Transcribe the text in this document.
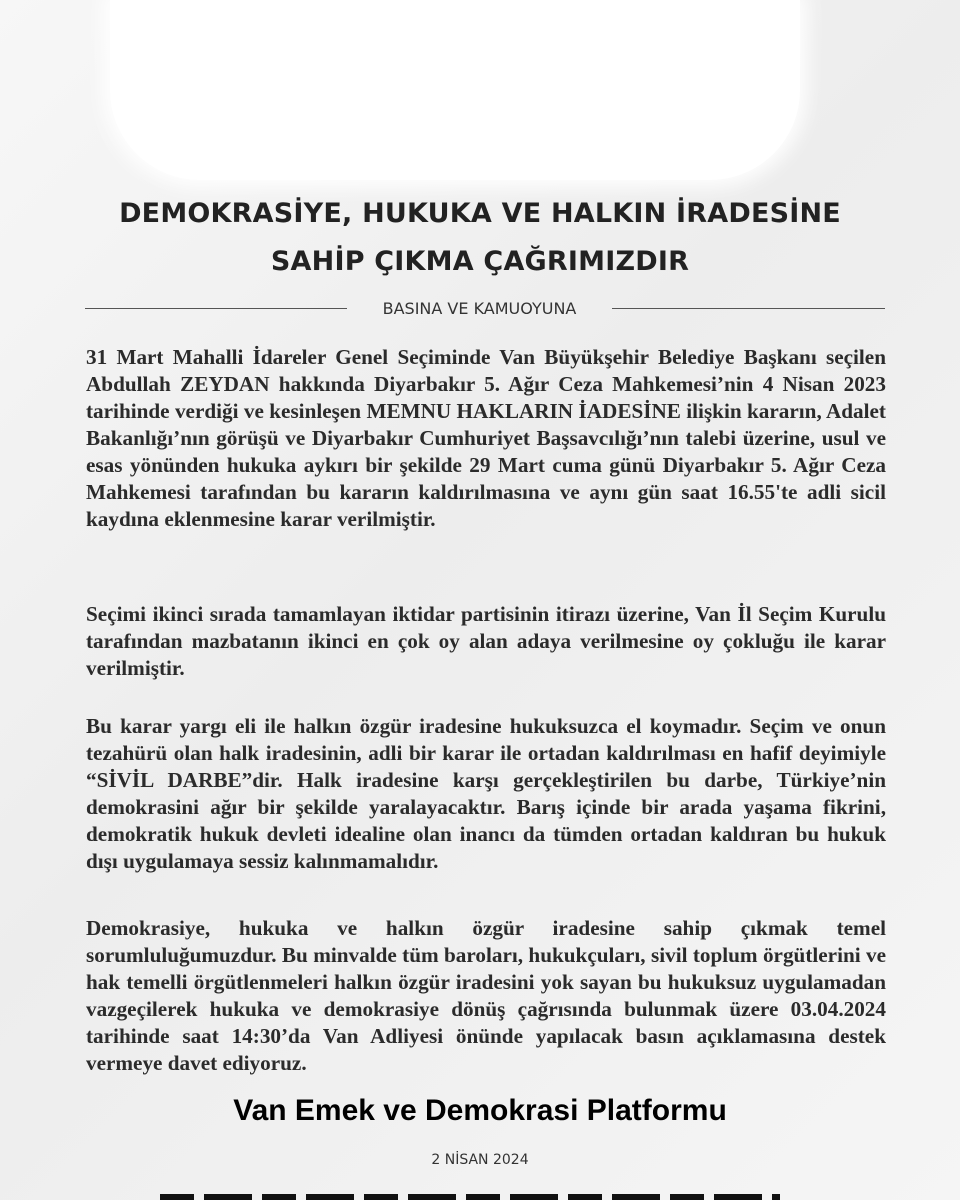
DEMOKRASİYE, HUKUKA VE HALKIN İRADESİNE
SAHİP ÇIKMA ÇAĞRIMIZDIR
BASINA VE KAMUOYUNA

31 Mart Mahalli İdareler Genel Seçiminde Van Büyükşehir Belediye Başkanı seçilen Abdullah ZEYDAN hakkında Diyarbakır 5. Ağır Ceza Mahkemesi’nin 4 Nisan 2023 tarihinde verdiği ve kesinleşen MEMNU HAKLARIN İADESİNE ilişkin kararın, Adalet Bakanlığı’nın görüşü ve Diyarbakır Cumhuriyet Başsavcılığı’nın talebi üzerine, usul ve esas yönünden hukuka aykırı bir şekilde 29 Mart cuma günü Diyarbakır 5. Ağır Ceza Mahkemesi tarafından bu kararın kaldırılmasına ve aynı gün saat 16.55'te adli sicil kaydına eklenmesine karar verilmiştir.

Seçimi ikinci sırada tamamlayan iktidar partisinin itirazı üzerine, Van İl Seçim Kurulu tarafından mazbatanın ikinci en çok oy alan adaya verilmesine oy çokluğu ile karar verilmiştir.

Bu karar yargı eli ile halkın özgür iradesine hukuksuzca el koymadır. Seçim ve onun tezahürü olan halk iradesinin, adli bir karar ile ortadan kaldırılması en hafif deyimiyle “SİVİL DARBE”dir. Halk iradesine karşı gerçekleştirilen bu darbe, Türkiye’nin demokrasini ağır bir şekilde yaralayacaktır. Barış içinde bir arada yaşama fikrini, demokratik hukuk devleti idealine olan inancı da tümden ortadan kaldıran bu hukuk dışı uygulamaya sessiz kalınmamalıdır.

Demokrasiye, hukuka ve halkın özgür iradesine sahip çıkmak temel sorumluluğumuzdur. Bu minvalde tüm baroları, hukukçuları, sivil toplum örgütlerini ve hak temelli örgütlenmeleri halkın özgür iradesini yok sayan bu hukuksuz uygulamadan vazgeçilerek hukuka ve demokrasiye dönüş çağrısında bulunmak üzere 03.04.2024 tarihinde saat 14:30’da Van Adliyesi önünde yapılacak basın açıklamasına destek vermeye davet ediyoruz.

Van Emek ve Demokrasi Platformu
2 NİSAN 2024
